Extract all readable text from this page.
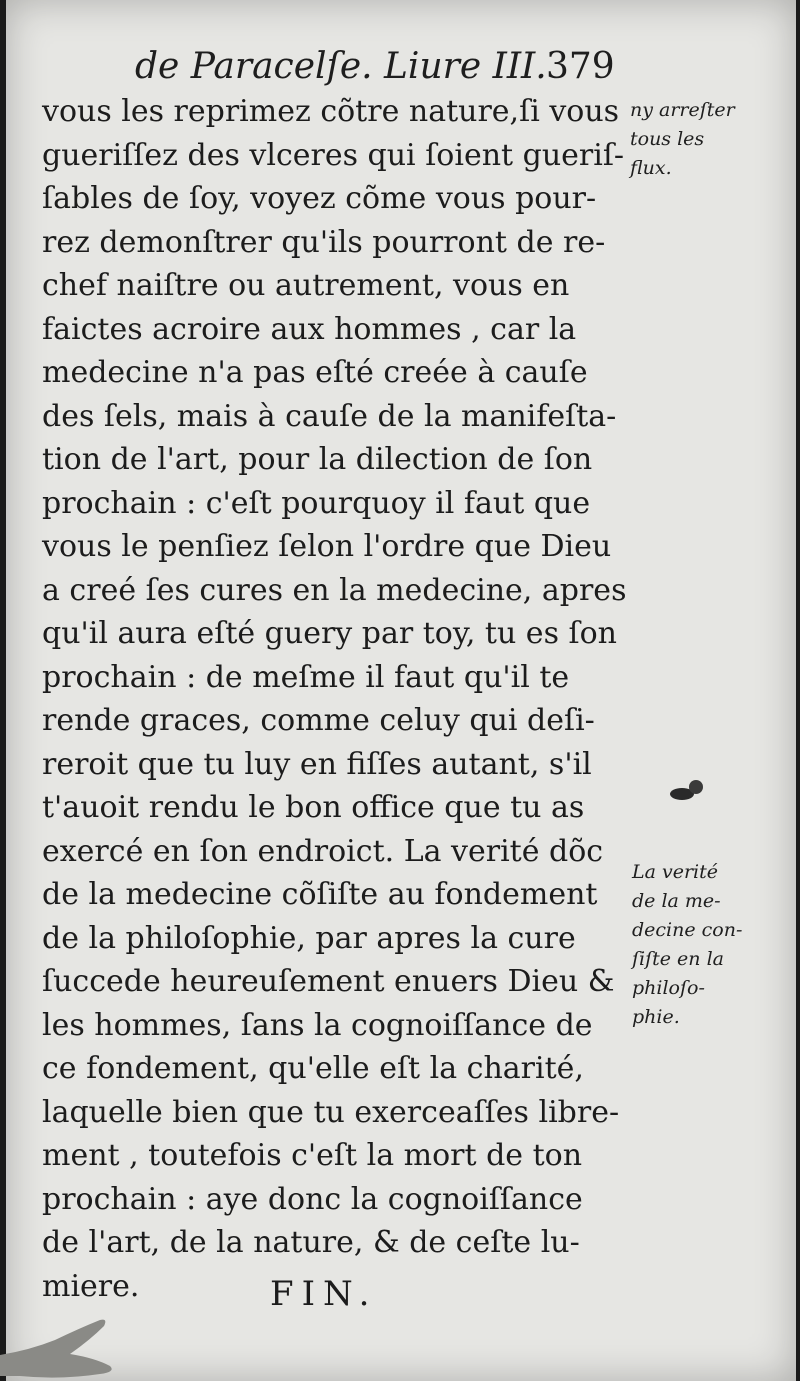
de Paracelſe. Liure III. 379
vous les reprimez cõtre nature,ſi vous
gueriſſez des vlceres qui ſoient gueriſ-
ſables de ſoy, voyez cõme vous pour-
rez demonſtrer qu'ils pourront de re-
chef naiſtre ou autrement, vous en
faictes acroire aux hommes , car la
medecine n'a pas eſté creée à cauſe
des ſels, mais à cauſe de la manifeſta-
tion de l'art, pour la dilection de ſon
prochain : c'eſt pourquoy il faut que
vous le penſiez ſelon l'ordre que Dieu
a creé ſes cures en la medecine, apres
qu'il aura eſté guery par toy, tu es ſon
prochain : de meſme il faut qu'il te
rende graces, comme celuy qui deſi-
reroit que tu luy en fiſſes autant, s'il
t'auoit rendu le bon office que tu as
exercé en ſon endroict. La verité dõc
de la medecine cõſiſte au fondement
de la philoſophie, par apres la cure
ſuccede heureuſement enuers Dieu &
les hommes, ſans la cognoiſſance de
ce fondement, qu'elle eſt la charité,
laquelle bien que tu exerceaſſes libre-
ment , toutefois c'eſt la mort de ton
prochain : aye donc la cognoiſſance
de l'art, de la nature, & de ceſte lu-
miere.
ny arreſter
tous les
flux.
La verité
de la me-
decine con-
ſiſte en la
philoſo-
phie.
FIN.
